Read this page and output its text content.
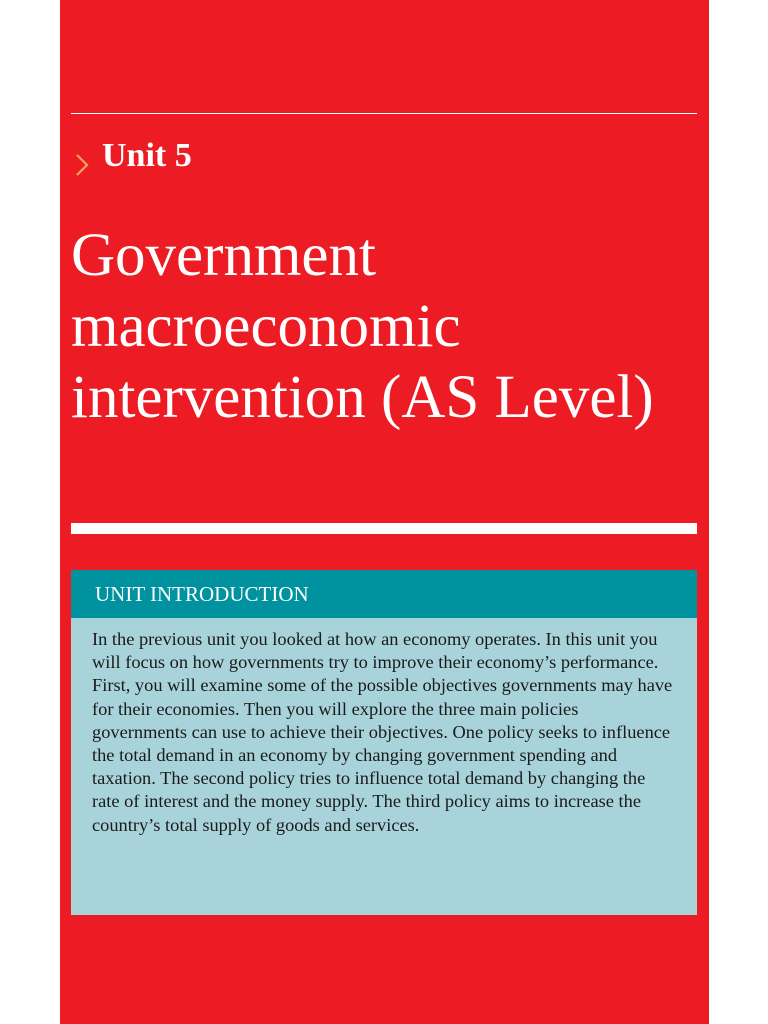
Unit 5
Government macroeconomic intervention (AS Level)
UNIT INTRODUCTION

In the previous unit you looked at how an economy operates. In this unit you will focus on how governments try to improve their economy’s performance. First, you will examine some of the possible objectives governments may have for their economies. Then you will explore the three main policies governments can use to achieve their objectives. One policy seeks to influence the total demand in an economy by changing government spending and taxation. The second policy tries to influence total demand by changing the rate of interest and the money supply. The third policy aims to increase the country’s total supply of goods and services.
